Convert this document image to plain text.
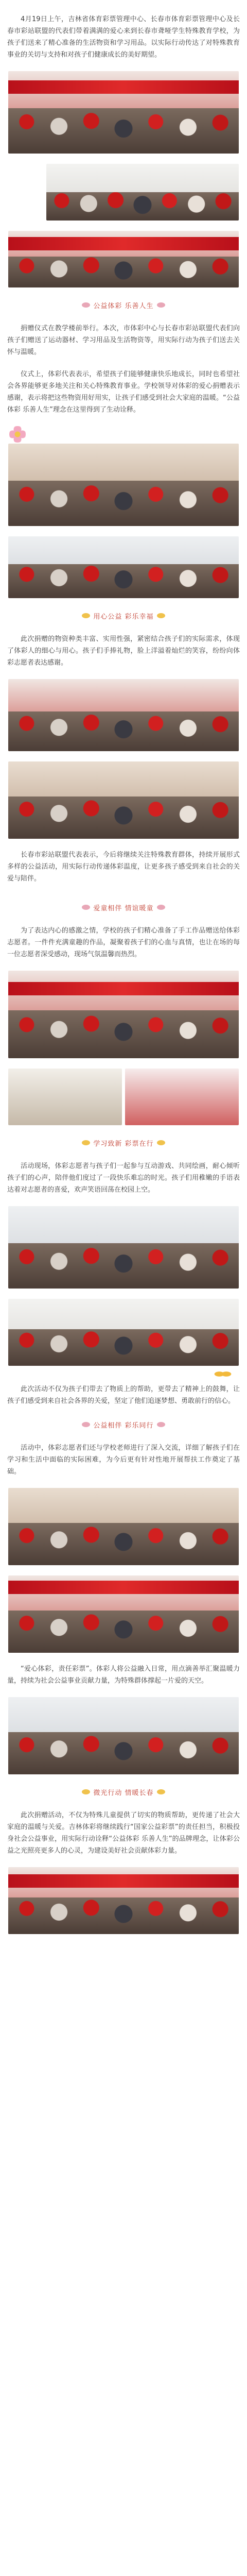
4月19日上午，吉林省体育彩票管理中心、长春市体育彩票管理中心及长春市彩站联盟的代表们带着满满的爱心来到长春市聋哑学生特殊教育学校，为孩子们送来了精心准备的生活物资和学习用品。以实际行动传达了对特殊教育事业的关切与支持和对孩子们健康成长的美好期望。

公益体彩 乐善人生

捐赠仪式在教学楼前举行。本次，市体彩中心与长春市彩站联盟代表们向孩子们赠送了运动器材、学习用品及生活物资等，用实际行动为孩子们送去关怀与温暖。

仪式上，体彩代表表示，希望孩子们能够健康快乐地成长，同时也希望社会各界能够更多地关注和关心特殊教育事业。学校领导对体彩的爱心捐赠表示感谢，表示将把这些物资用好用实，让孩子们感受到社会大家庭的温暖。“公益体彩 乐善人生”理念在这里得到了生动诠释。

用心公益 彩乐幸福

此次捐赠的物资种类丰富、实用性强，紧密结合孩子们的实际需求，体现了体彩人的细心与用心。孩子们手捧礼物，脸上洋溢着灿烂的笑容，纷纷向体彩志愿者表达感谢。

长春市彩站联盟代表表示，今后将继续关注特殊教育群体，持续开展形式多样的公益活动，用实际行动传递体彩温度，让更多孩子感受到来自社会的关爱与陪伴。

爱童相伴 情谊暖童

为了表达内心的感激之情，学校的孩子们精心准备了手工作品赠送给体彩志愿者。一件件充满童趣的作品，凝聚着孩子们的心血与真情，也让在场的每一位志愿者深受感动，现场气氛温馨而热烈。

学习致新 彩票在行

活动现场，体彩志愿者与孩子们一起参与互动游戏、共同绘画，耐心倾听孩子们的心声，陪伴他们度过了一段快乐难忘的时光。孩子们用稚嫩的手语表达着对志愿者的喜爱，欢声笑语回荡在校园上空。

此次活动不仅为孩子们带去了物质上的帮助，更带去了精神上的鼓舞，让孩子们感受到来自社会各界的关爱，坚定了他们追逐梦想、勇敢前行的信心。

公益相伴 彩乐同行

活动中，体彩志愿者们还与学校老师进行了深入交流，详细了解孩子们在学习和生活中面临的实际困难，为今后更有针对性地开展帮扶工作奠定了基础。

“爱心体彩，责任彩票”。体彩人将公益融入日常，用点滴善举汇聚温暖力量，持续为社会公益事业贡献力量，为特殊群体撑起一片爱的天空。

微光行动 情暖长春

此次捐赠活动，不仅为特殊儿童提供了切实的物质帮助，更传递了社会大家庭的温暖与关爱。吉林体彩将继续践行“国家公益彩票”的责任担当，积极投身社会公益事业，用实际行动诠释“公益体彩 乐善人生”的品牌理念，让体彩公益之光照亮更多人的心灵，为建设美好社会贡献体彩力量。
